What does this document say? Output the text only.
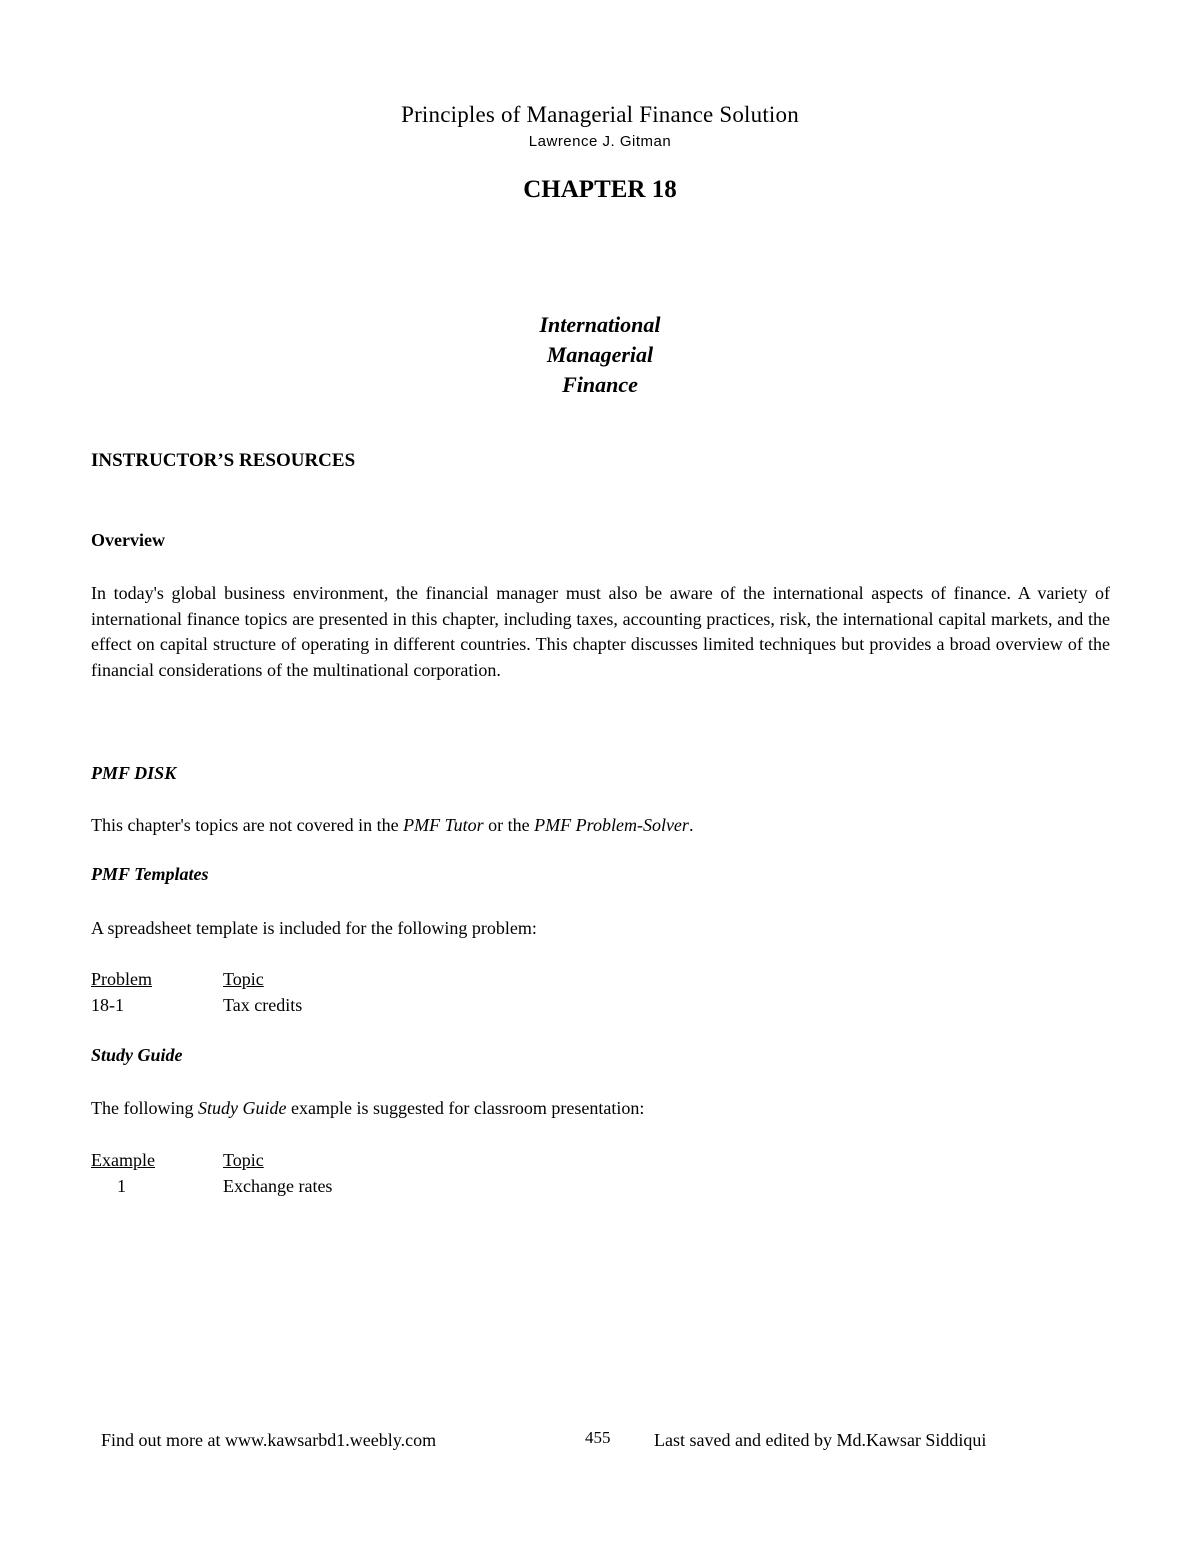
Principles of Managerial Finance Solution
Lawrence J. Gitman
CHAPTER 18
International
Managerial
Finance
INSTRUCTOR’S RESOURCES
Overview
In today's global business environment, the financial manager must also be aware of the international aspects of finance. A variety of international finance topics are presented in this chapter, including taxes, accounting practices, risk, the international capital markets, and the effect on capital structure of operating in different countries. This chapter discusses limited techniques but provides a broad overview of the financial considerations of the multinational corporation.
PMF DISK
This chapter's topics are not covered in the PMF Tutor or the PMF Problem-Solver.
PMF Templates
A spreadsheet template is included for the following problem:
Problem	Topic
18-1	Tax credits
Study Guide
The following Study Guide example is suggested for classroom presentation:
Example	Topic
1	Exchange rates
Find out more at www.kawsarbd1.weebly.com	455 Last saved and edited by Md.Kawsar Siddiqui
